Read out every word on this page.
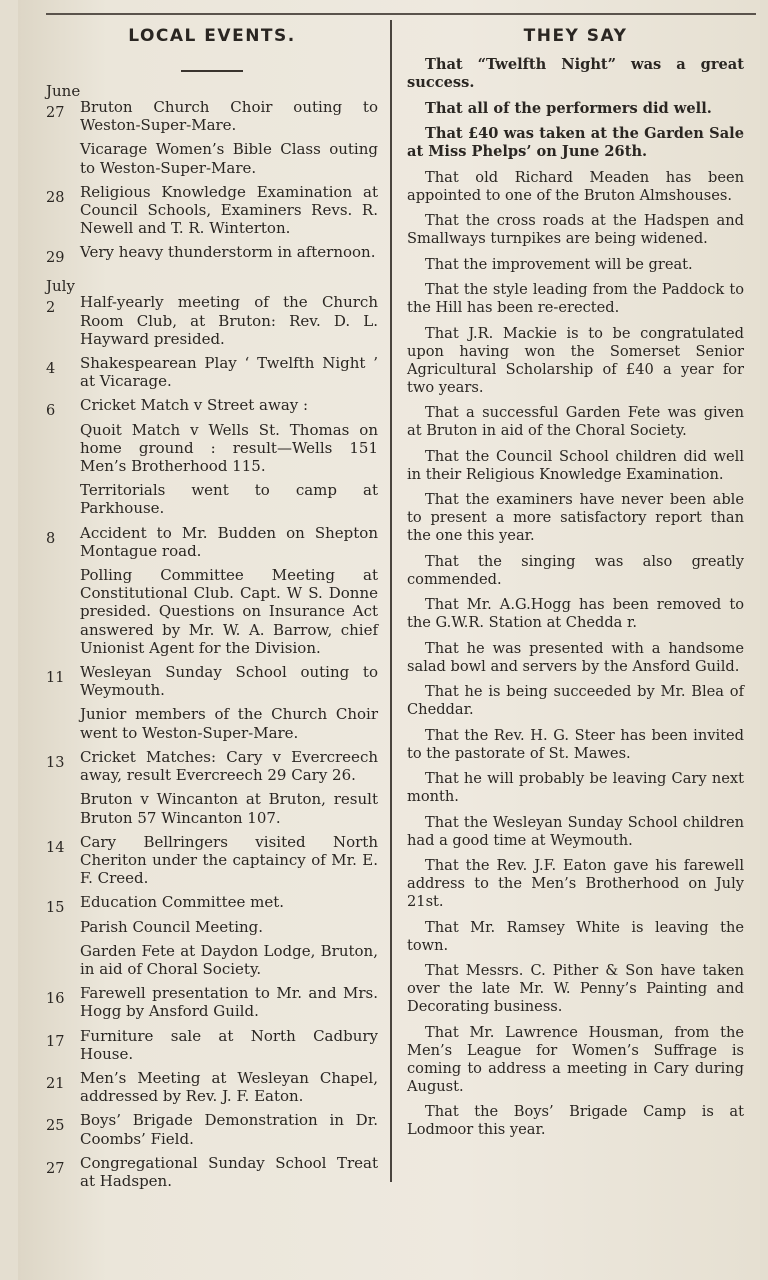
LOCAL EVENTS.
June
27	Bruton Church Choir outing to Weston-Super-Mare.

Vicarage Women’s Bible Class outing to Weston-Super-Mare.

28	Religious Knowledge Examination at Council Schools, Examiners Revs. R. Newell and T. R. Winterton.

29	Very heavy thunderstorm in afternoon.

July
2	Half-yearly meeting of the Church Room Club, at Bruton: Rev. D. L. Hayward presided.

4	Shakespearean Play ‘ Twelfth Night ’ at Vicarage.

6	Cricket Match v Street away :

Quoit Match v Wells St. Thomas on home ground : result—Wells 151 Men’s Brotherhood 115.

Territorials went to camp at Parkhouse.

8	Accident to Mr. Budden on Shepton Montague road.

Polling Committee Meeting at Constitutional Club. Capt. W S. Donne presided. Questions on Insurance Act answered by Mr. W. A. Barrow, chief Unionist Agent for the Division.

11	Wesleyan Sunday School outing to Weymouth.

Junior members of the Church Choir went to Weston-Super-Mare.

13	Cricket Matches: Cary v Evercreech away, result Evercreech 29 Cary 26.

Bruton v Wincanton at Bruton, result Bruton 57 Wincanton 107.

14	Cary Bellringers visited North Cheriton under the captaincy of Mr. E. F. Creed.

15	Education Committee met.

Parish Council Meeting.

Garden Fete at Daydon Lodge, Bruton, in aid of Choral Society.

16	Farewell presentation to Mr. and Mrs. Hogg by Ansford Guild.

17	Furniture sale at North Cadbury House.

21	Men’s Meeting at Wesleyan Chapel, addressed by Rev. J. F. Eaton.

25	Boys’ Brigade Demonstration in Dr. Coombs’ Field.

27	Congregational Sunday School Treat at Hadspen.

THEY SAY

That “Twelfth Night” was a great success.

That all of the performers did well.

That £40 was taken at the Garden Sale at Miss Phelps’ on June 26th.

That old Richard Meaden has been appointed to one of the Bruton Almshouses.

That the cross roads at the Hadspen and Smallways turnpikes are being widened.

That the improvement will be great.

That the style leading from the Paddock to the Hill has been re-erected.

That J.R. Mackie is to be congratulated upon having won the Somerset Senior Agricultural Scholarship of £40 a year for two years.

That a successful Garden Fete was given at Bruton in aid of the Choral Society.

That the Council School children did well in their Religious Knowledge Examination.

That the examiners have never been able to present a more satisfactory report than the one this year.

That the singing was also greatly commended.

That Mr. A.G.Hogg has been removed to the G.W.R. Station at Chedda r.

That he was presented with a handsome salad bowl and servers by the Ansford Guild.

That he is being succeeded by Mr. Blea of Cheddar.

That the Rev. H. G. Steer has been invited to the pastorate of St. Mawes.

That he will probably be leaving Cary next month.

That the Wesleyan Sunday School children had a good time at Weymouth.

That the Rev. J.F. Eaton gave his farewell address to the Men’s Brotherhood on July 21st.

That Mr. Ramsey White is leaving the town.

That Messrs. C. Pither & Son have taken over the late Mr. W. Penny’s Painting and Decorating business.

That Mr. Lawrence Housman, from the Men’s League for Women’s Suffrage is coming to address a meeting in Cary during August.

That the Boys’ Brigade Camp is at Lodmoor this year.
